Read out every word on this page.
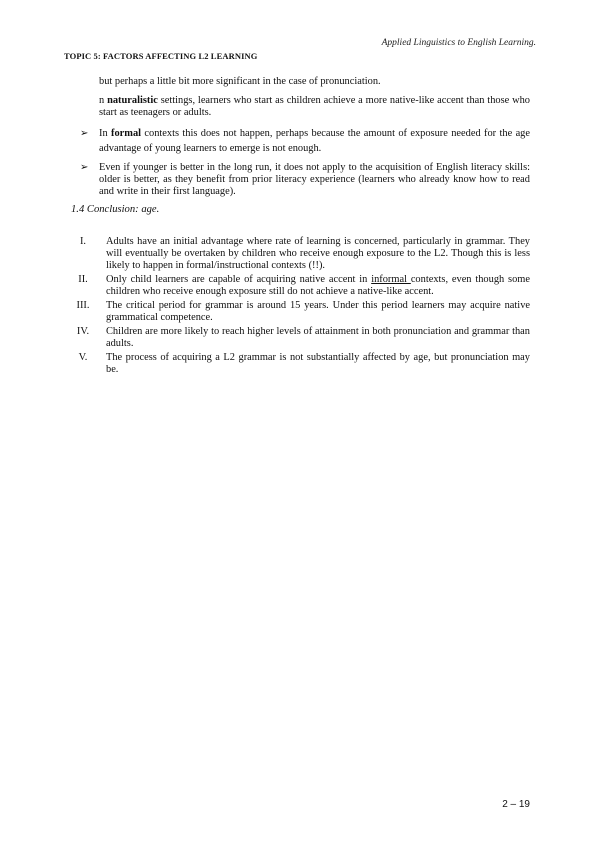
Applied Linguistics to English Learning.
TOPIC 5: FACTORS AFFECTING L2 LEARNING
but perhaps a little bit more significant in the case of pronunciation.
n naturalistic settings, learners who start as children achieve a more native-like accent than those who start as teenagers or adults.
➢	In formal contexts this does not happen, perhaps because the amount of exposure needed for the age advantage of young learners to emerge is not enough.
➢	Even if younger is better in the long run, it does not apply to the acquisition of English literacy skills: older is better, as they benefit from prior literacy experience (learners who already know how to read and write in their first language).
1.4 Conclusion: age.
I.	Adults have an initial advantage where rate of learning is concerned, particularly in grammar. They will eventually be overtaken by children who receive enough exposure to the L2. Though this is less likely to happen in formal/instructional contexts (!!).
II.	Only child learners are capable of acquiring native accent in informal contexts, even though some children who receive enough exposure still do not achieve a native-like accent.
III.	The critical period for grammar is around 15 years. Under this period learners may acquire native grammatical competence.
IV.	Children are more likely to reach higher levels of attainment in both pronunciation and grammar than adults.
V.	The process of acquiring a L2 grammar is not substantially affected by age, but pronunciation may be.
2 – 19
